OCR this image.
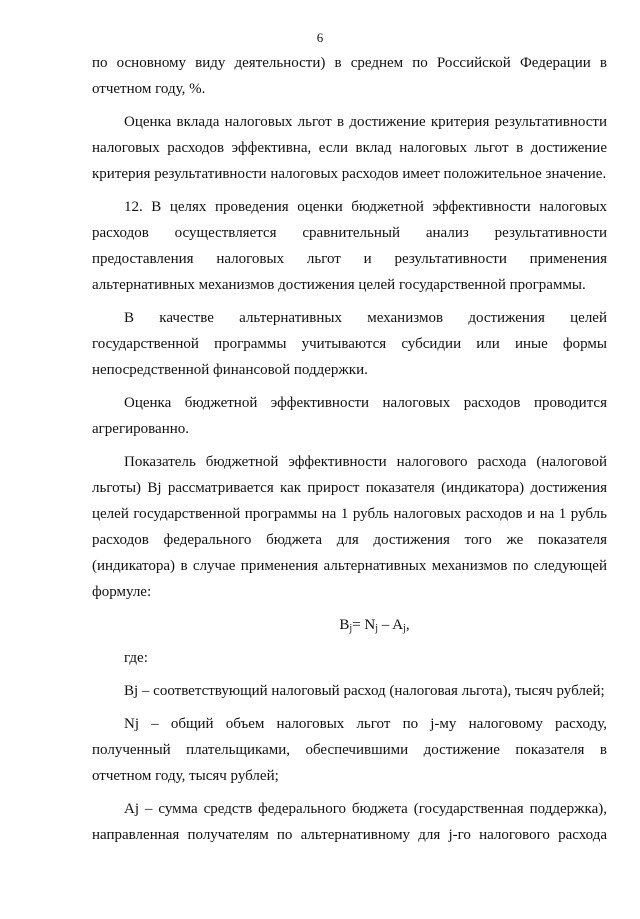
6

по основному виду деятельности) в среднем по Российской Федерации в отчетном году, %.

Оценка вклада налоговых льгот в достижение критерия результативности налоговых расходов эффективна, если вклад налоговых льгот в достижение критерия результативности налоговых расходов имеет положительное значение.

12. В целях проведения оценки бюджетной эффективности налоговых расходов осуществляется сравнительный анализ результативности предоставления налоговых льгот и результативности применения альтернативных механизмов достижения целей государственной программы.

В качестве альтернативных механизмов достижения целей государственной программы учитываются субсидии или иные формы непосредственной финансовой поддержки.

Оценка бюджетной эффективности налоговых расходов проводится агрегированно.

Показатель бюджетной эффективности налогового расхода (налоговой льготы) Bj рассматривается как прирост показателя (индикатора) достижения целей государственной программы на 1 рубль налоговых расходов и на 1 рубль расходов федерального бюджета для достижения того же показателя (индикатора) в случае применения альтернативных механизмов по следующей формуле:

$B_j= N_j - A_j$,

где:

Bj – соответствующий налоговый расход (налоговая льгота), тысяч рублей;

Nj – общий объем налоговых льгот по j-му налоговому расходу, полученный плательщиками, обеспечившими достижение показателя в отчетном году, тысяч рублей;

Aj – сумма средств федерального бюджета (государственная поддержка), направленная получателям по альтернативному для j-го налогового расхода
